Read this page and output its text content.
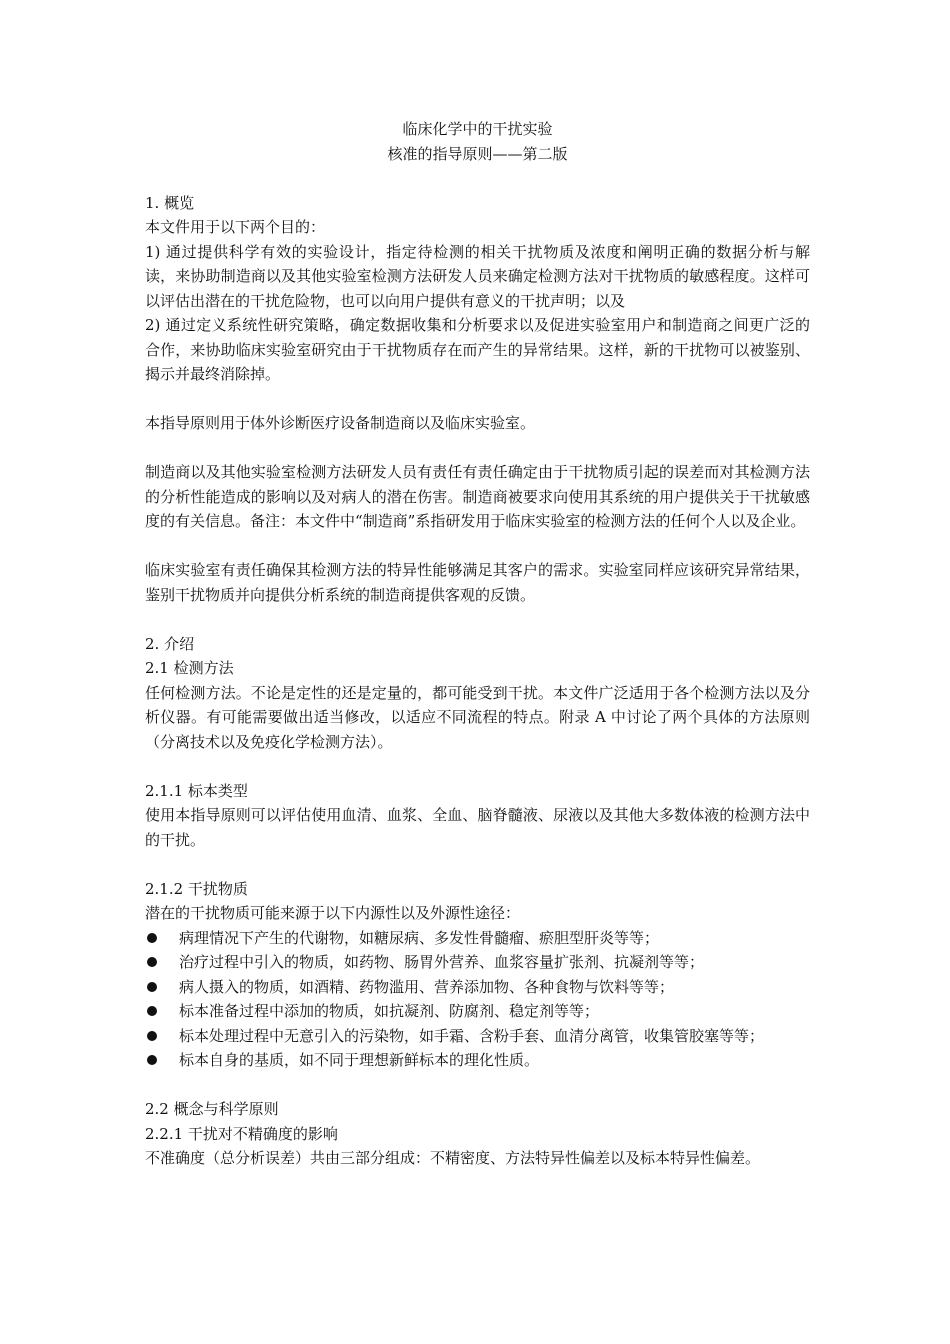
临床化学中的干扰实验
核准的指导原则——第二版
1. 概览

本文件用于以下两个目的：

1) 通过提供科学有效的实验设计，指定待检测的相关干扰物质及浓度和阐明正确的数据分析与解读，来协助制造商以及其他实验室检测方法研发人员来确定检测方法对干扰物质的敏感程度。这样可以评估出潜在的干扰危险物，也可以向用户提供有意义的干扰声明；以及

2) 通过定义系统性研究策略，确定数据收集和分析要求以及促进实验室用户和制造商之间更广泛的合作，来协助临床实验室研究由于干扰物质存在而产生的异常结果。这样，新的干扰物可以被鉴别、揭示并最终消除掉。

本指导原则用于体外诊断医疗设备制造商以及临床实验室。

制造商以及其他实验室检测方法研发人员有责任有责任确定由于干扰物质引起的误差而对其检测方法的分析性能造成的影响以及对病人的潜在伤害。制造商被要求向使用其系统的用户提供关于干扰敏感度的有关信息。备注：本文件中“制造商”系指研发用于临床实验室的检测方法的任何个人以及企业。

临床实验室有责任确保其检测方法的特异性能够满足其客户的需求。实验室同样应该研究异常结果，鉴别干扰物质并向提供分析系统的制造商提供客观的反馈。

2. 介绍
2.1 检测方法

任何检测方法。不论是定性的还是定量的，都可能受到干扰。本文件广泛适用于各个检测方法以及分析仪器。有可能需要做出适当修改，以适应不同流程的特点。附录 A 中讨论了两个具体的方法原则（分离技术以及免疫化学检测方法）。

2.1.1 标本类型

使用本指导原则可以评估使用血清、血浆、全血、脑脊髓液、尿液以及其他大多数体液的检测方法中的干扰。

2.1.2 干扰物质

潜在的干扰物质可能来源于以下内源性以及外源性途径：

病理情况下产生的代谢物，如糖尿病、多发性骨髓瘤、瘀胆型肝炎等等；
治疗过程中引入的物质，如药物、肠胃外营养、血浆容量扩张剂、抗凝剂等等；
病人摄入的物质，如酒精、药物滥用、营养添加物、各种食物与饮料等等；
标本准备过程中添加的物质，如抗凝剂、防腐剂、稳定剂等等；
标本处理过程中无意引入的污染物，如手霜、含粉手套、血清分离管，收集管胶塞等等；
标本自身的基质，如不同于理想新鲜标本的理化性质。
2.2 概念与科学原则
2.2.1 干扰对不精确度的影响

不准确度（总分析误差）共由三部分组成：不精密度、方法特异性偏差以及标本特异性偏差。
